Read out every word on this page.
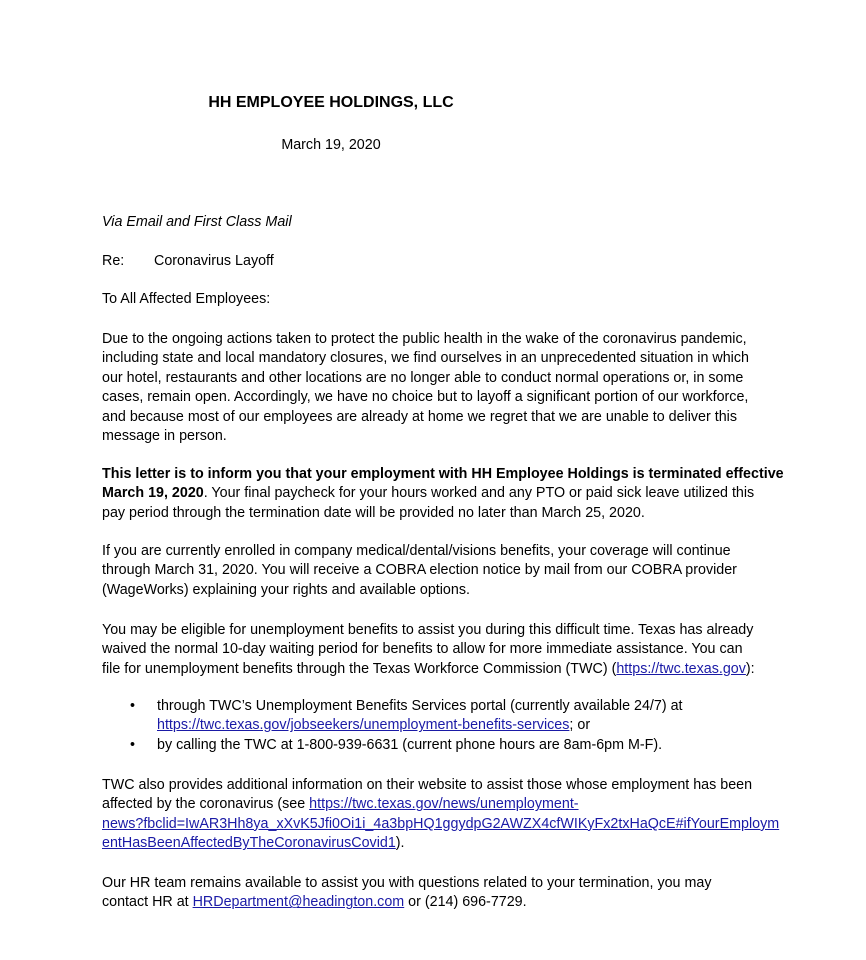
HH EMPLOYEE HOLDINGS, LLC
March 19, 2020
Via Email and First Class Mail
Re: Coronavirus Layoff
To All Affected Employees:
Due to the ongoing actions taken to protect the public health in the wake of the coronavirus pandemic,
including state and local mandatory closures, we find ourselves in an unprecedented situation in which
our hotel, restaurants and other locations are no longer able to conduct normal operations or, in some
cases, remain open. Accordingly, we have no choice but to layoff a significant portion of our workforce,
and because most of our employees are already at home we regret that we are unable to deliver this
message in person.
This letter is to inform you that your employment with HH Employee Holdings is terminated effective
March 19, 2020. Your final paycheck for your hours worked and any PTO or paid sick leave utilized this
pay period through the termination date will be provided no later than March 25, 2020.
If you are currently enrolled in company medical/dental/visions benefits, your coverage will continue
through March 31, 2020. You will receive a COBRA election notice by mail from our COBRA provider
(WageWorks) explaining your rights and available options.
You may be eligible for unemployment benefits to assist you during this difficult time. Texas has already
waived the normal 10-day waiting period for benefits to allow for more immediate assistance. You can
file for unemployment benefits through the Texas Workforce Commission (TWC) (https://twc.texas.gov):
• through TWC’s Unemployment Benefits Services portal (currently available 24/7) at
https://twc.texas.gov/jobseekers/unemployment-benefits-services; or
• by calling the TWC at 1-800-939-6631 (current phone hours are 8am-6pm M-F).
TWC also provides additional information on their website to assist those whose employment has been
affected by the coronavirus (see https://twc.texas.gov/news/unemployment-
news?fbclid=IwAR3Hh8ya_xXvK5Jfi0Oi1i_4a3bpHQ1ggydpG2AWZX4cfWIKyFx2txHaQcE#ifYourEmploym
entHasBeenAffectedByTheCoronavirusCovid1).
Our HR team remains available to assist you with questions related to your termination, you may
contact HR at HRDepartment@headington.com or (214) 696-7729.
